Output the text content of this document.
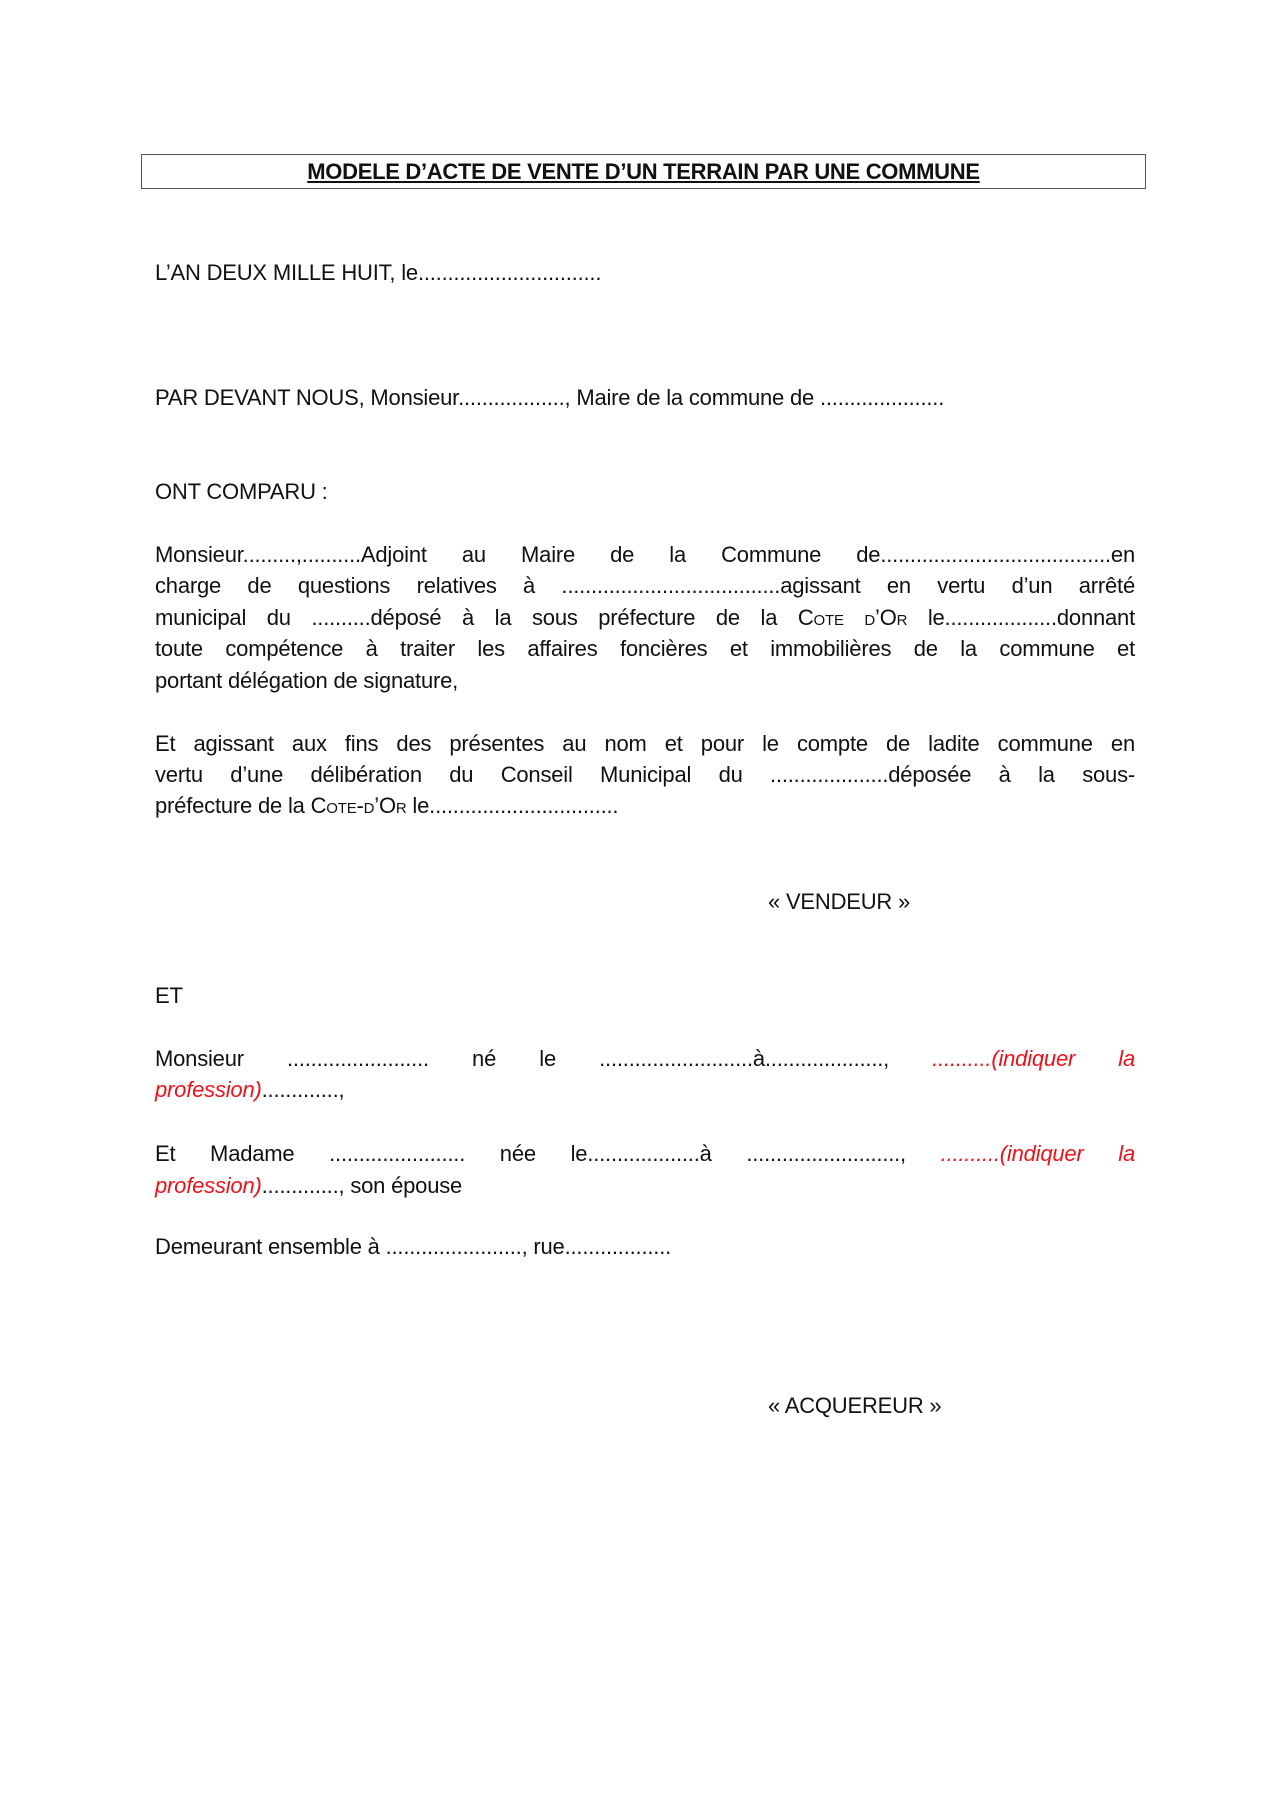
MODELE D’ACTE DE VENTE D’UN TERRAIN PAR UNE COMMUNE
L’AN DEUX MILLE HUIT, le...............................
PAR DEVANT NOUS, Monsieur.................., Maire de la commune de .....................
ONT COMPARU :
Monsieur.........,..........Adjoint au Maire de la Commune de.......................................en
charge de questions relatives à .....................................agissant en vertu d’un arrêté
municipal du ..........déposé à la sous préfecture de la Cote d’Or le...................donnant
toute compétence à traiter les affaires foncières et immobilières de la commune et
portant délégation de signature,
Et agissant aux fins des présentes au nom et pour le compte de ladite commune en
vertu d’une délibération du Conseil Municipal du ....................déposée à la sous-
préfecture de la Cote-d’Or le................................
« VENDEUR »
ET
Monsieur ........................ né le ..........................à...................., ..........(indiquer la
profession).............,
Et Madame ....................... née le...................à .........................., ..........(indiquer la
profession)............., son épouse
Demeurant ensemble à ......................., rue..................
« ACQUEREUR »
